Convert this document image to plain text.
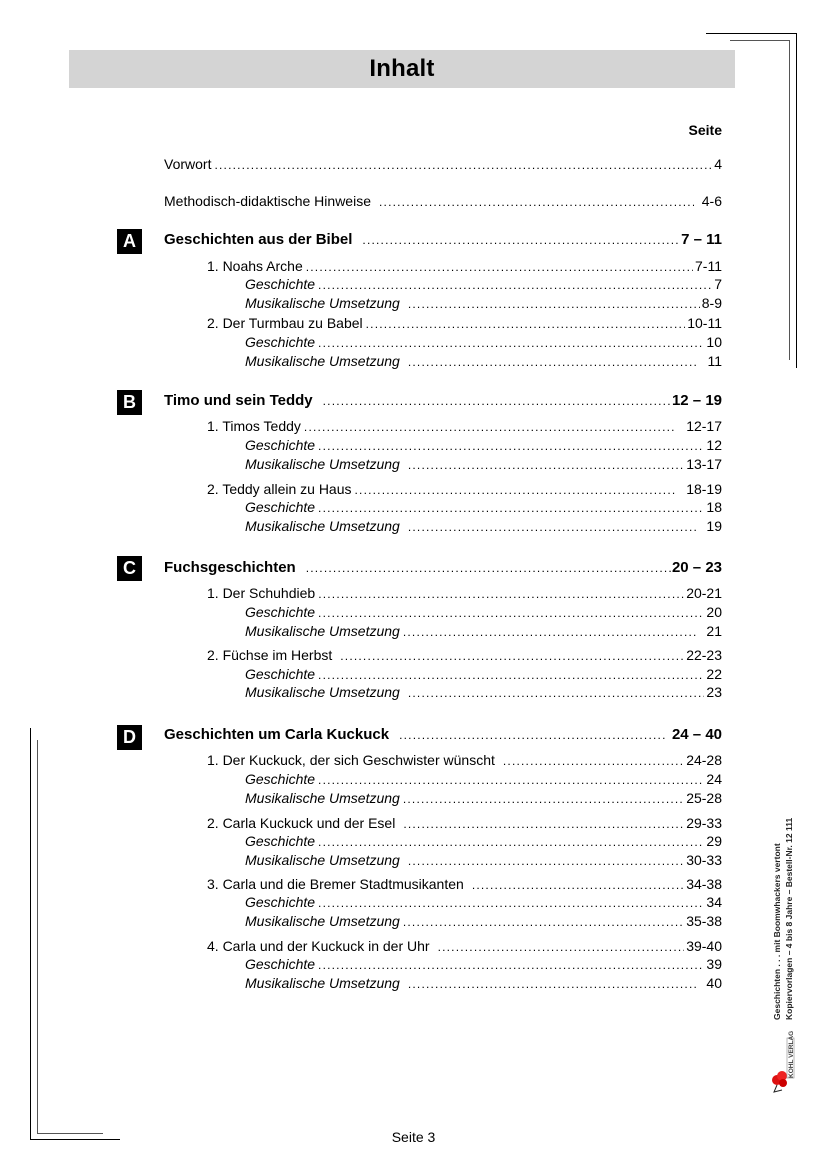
Inhalt
Seite
Vorwort .....	4
Methodisch-didaktische Hinweise .....	4-6
A	Geschichten aus der Bibel .....	7 – 11
1. Noahs Arche .....	7-11
Geschichte .....	7
Musikalische Umsetzung .....	8-9
2. Der Turmbau zu Babel .....	10-11
Geschichte .....	10
Musikalische Umsetzung .....	11
B	Timo und sein Teddy .....	12 – 19
1. Timos Teddy .....	12-17
Geschichte .....	12
Musikalische Umsetzung .....	13-17
2. Teddy allein zu Haus .....	18-19
Geschichte .....	18
Musikalische Umsetzung .....	19
C	Fuchsgeschichten .....	20 – 23
1. Der Schuhdieb .....	20-21
Geschichte .....	20
Musikalische Umsetzung .....	21
2. Füchse im Herbst .....	22-23
Geschichte .....	22
Musikalische Umsetzung .....	23
D	Geschichten um Carla Kuckuck .....	24 – 40
1. Der Kuckuck, der sich Geschwister wünscht .....	24-28
Geschichte .....	24
Musikalische Umsetzung .....	25-28
2. Carla Kuckuck und der Esel .....	29-33
Geschichte .....	29
Musikalische Umsetzung .....	30-33
3. Carla und die Bremer Stadtmusikanten .....	34-38
Geschichte .....	34
Musikalische Umsetzung .....	35-38
4. Carla und der Kuckuck in der Uhr .....	39-40
Geschichte .....	39
Musikalische Umsetzung .....	40
Seite 3
Geschichten . . . mit Boomwhackers vertont Kopiervorlagen – 4 bis 8 Jahre – Bestell-Nr. 12 111
KOHL VERLAG
